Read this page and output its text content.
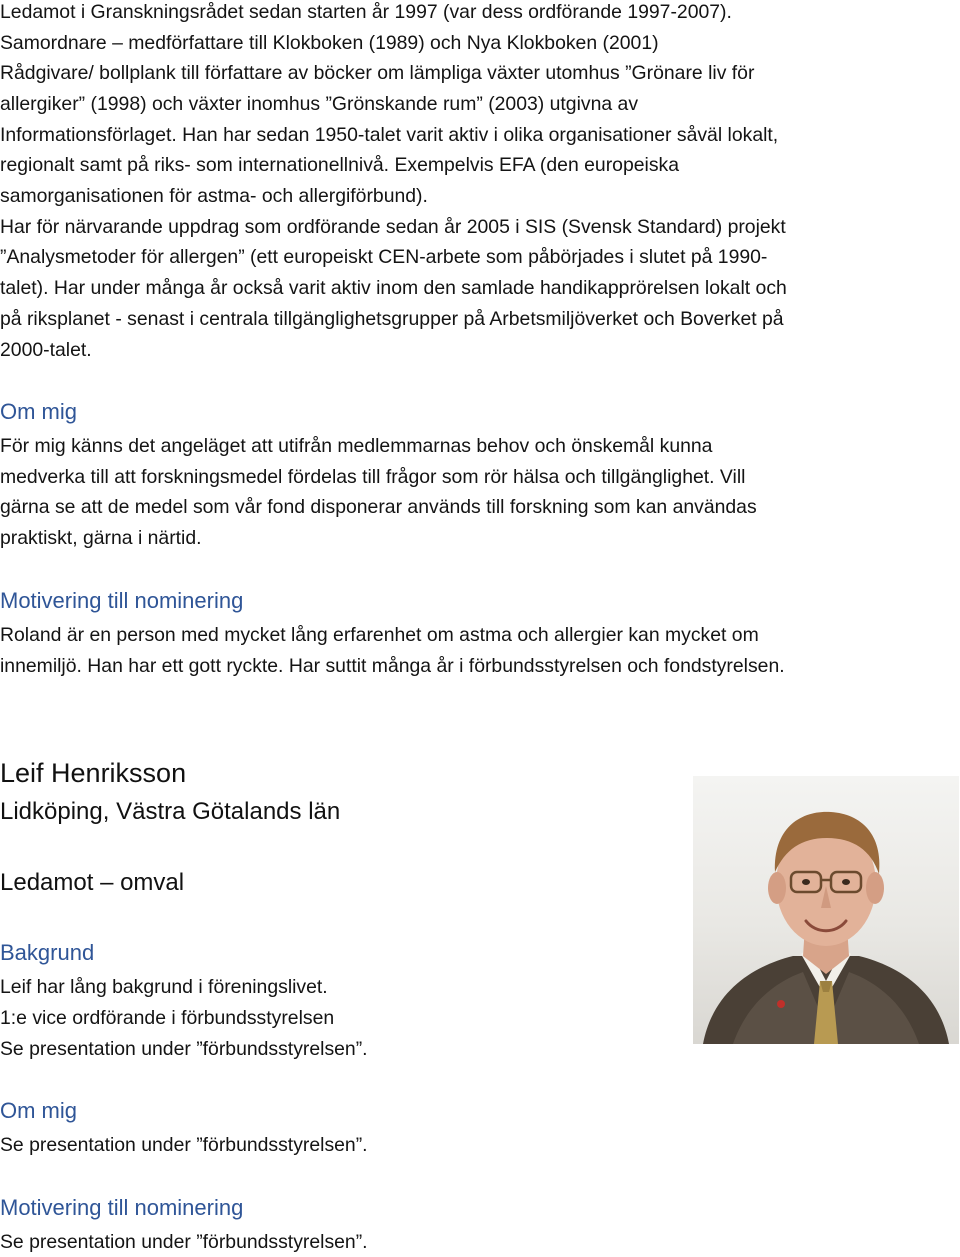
Ledamot i Granskningsrådet sedan starten år 1997 (var dess ordförande 1997-2007).
Samordnare – medförfattare till Klokboken (1989) och Nya Klokboken (2001)
Rådgivare/ bollplank till författare av böcker om lämpliga växter utomhus ”Grönare liv för
allergiker” (1998) och växter inomhus ”Grönskande rum” (2003) utgivna av
Informationsförlaget. Han har sedan 1950-talet varit aktiv i olika organisationer såväl lokalt,
regionalt samt på riks- som internationellnivå. Exempelvis EFA (den europeiska
samorganisationen för astma- och allergiförbund).
Har för närvarande uppdrag som ordförande sedan år 2005 i SIS (Svensk Standard) projekt
”Analysmetoder för allergen” (ett europeiskt CEN-arbete som påbörjades i slutet på 1990-
talet). Har under många år också varit aktiv inom den samlade handikapprörelsen lokalt och
på riksplanet - senast i centrala tillgänglighetsgrupper på Arbetsmiljöverket och Boverket på
2000-talet.
Om mig
För mig känns det angeläget att utifrån medlemmarnas behov och önskemål kunna
medverka till att forskningsmedel fördelas till frågor som rör hälsa och tillgänglighet. Vill
gärna se att de medel som vår fond disponerar används till forskning som kan användas
praktiskt, gärna i närtid.
Motivering till nominering
Roland är en person med mycket lång erfarenhet om astma och allergier kan mycket om
innemiljö. Han har ett gott ryckte. Har suttit många år i förbundsstyrelsen och fondstyrelsen.
Leif Henriksson
Lidköping, Västra Götalands län
Ledamot – omval
Bakgrund
Leif har lång bakgrund i föreningslivet.
1:e vice ordförande i förbundsstyrelsen
Se presentation under ”förbundsstyrelsen”.
Om mig
Se presentation under ”förbundsstyrelsen”.
Motivering till nominering
Se presentation under ”förbundsstyrelsen”.
